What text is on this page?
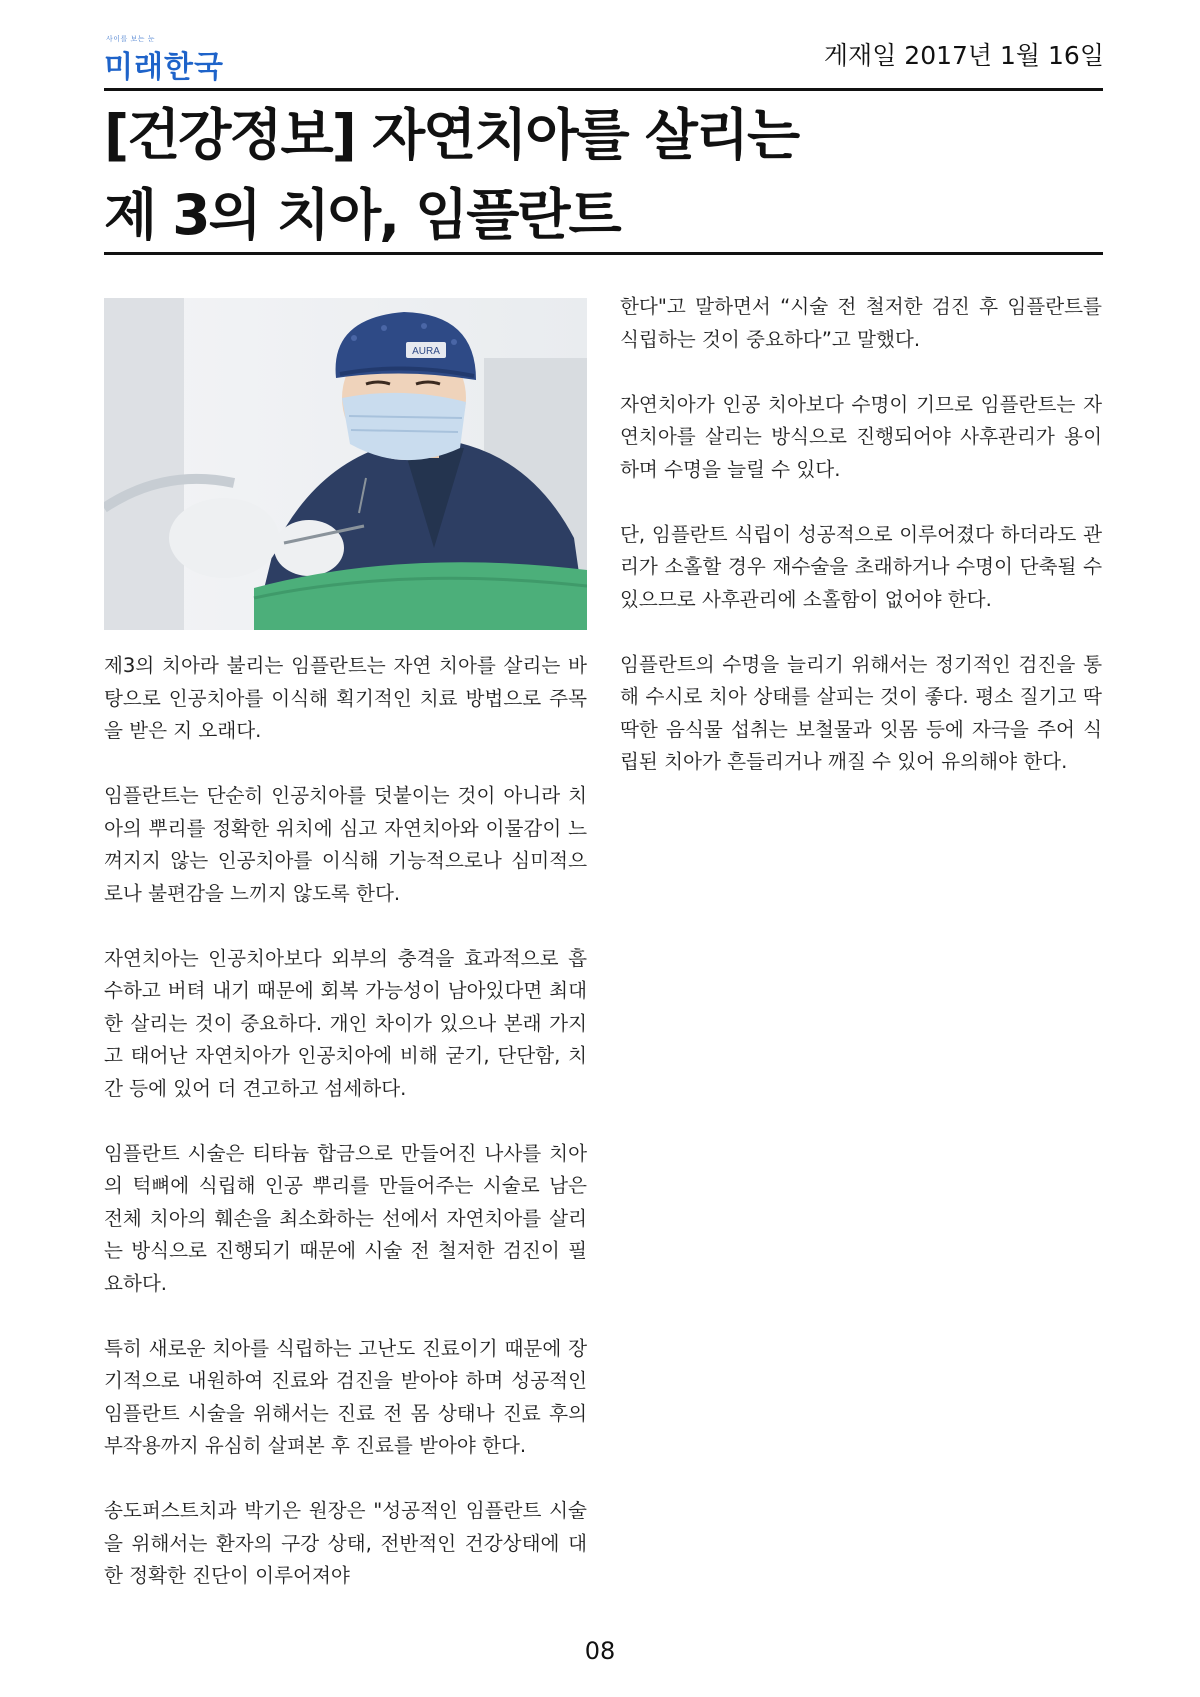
사이를 보는 눈
미래한국	게재일 2017년 1월 16일
[건강정보] 자연치아를 살리는
제 3의 치아, 임플란트
AURA

제3의 치아라 불리는 임플란트는 자연 치아를 살리는 바탕으로 인공치아를 이식해 획기적인 치료 방법으로 주목을 받은 지 오래다.

임플란트는 단순히 인공치아를 덧붙이는 것이 아니라 치아의 뿌리를 정확한 위치에 심고 자연치아와 이물감이 느껴지지 않는 인공치아를 이식해 기능적으로나 심미적으로나 불편감을 느끼지 않도록 한다.

자연치아는 인공치아보다 외부의 충격을 효과적으로 흡수하고 버텨 내기 때문에 회복 가능성이 남아있다면 최대한 살리는 것이 중요하다. 개인 차이가 있으나 본래 가지고 태어난 자연치아가 인공치아에 비해 굳기, 단단함, 치 간 등에 있어 더 견고하고 섬세하다.

임플란트 시술은 티타늄 합금으로 만들어진 나사를 치아의 턱뼈에 식립해 인공 뿌리를 만들어주는 시술로 남은 전체 치아의 훼손을 최소화하는 선에서 자연치아를 살리는 방식으로 진행되기 때문에 시술 전 철저한 검진이 필요하다.

특히 새로운 치아를 식립하는 고난도 진료이기 때문에 장기적으로 내원하여 진료와 검진을 받아야 하며 성공적인 임플란트 시술을 위해서는 진료 전 몸 상태나 진료 후의 부작용까지 유심히 살펴본 후 진료를 받아야 한다.

송도퍼스트치과 박기은 원장은 "성공적인 임플란트 시술을 위해서는 환자의 구강 상태, 전반적인 건강상태에 대한 정확한 진단이 이루어져야

한다"고 말하면서 “시술 전 철저한 검진 후 임플란트를 식립하는 것이 중요하다”고 말했다.

자연치아가 인공 치아보다 수명이 기므로 임플란트는 자연치아를 살리는 방식으로 진행되어야 사후관리가 용이하며 수명을 늘릴 수 있다.

단, 임플란트 식립이 성공적으로 이루어졌다 하더라도 관리가 소홀할 경우 재수술을 초래하거나 수명이 단축될 수 있으므로 사후관리에 소홀함이 없어야 한다.

임플란트의 수명을 늘리기 위해서는 정기적인 검진을 통해 수시로 치아 상태를 살피는 것이 좋다. 평소 질기고 딱딱한 음식물 섭취는 보철물과 잇몸 등에 자극을 주어 식립된 치아가 흔들리거나 깨질 수 있어 유의해야 한다.

08
